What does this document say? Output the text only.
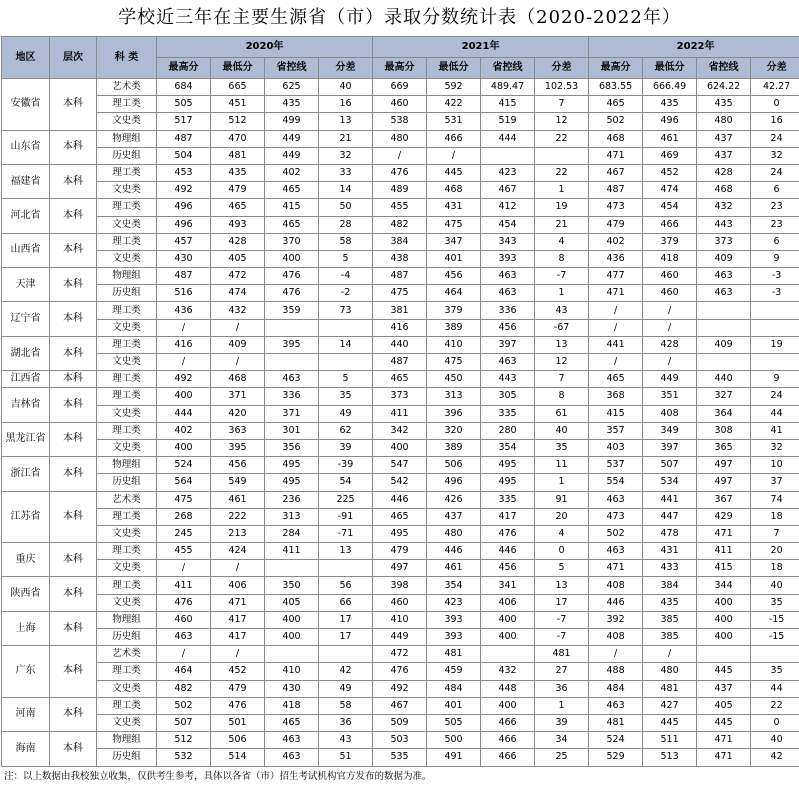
学校近三年在主要生源省（市）录取分数统计表（2020-2022年）
地区	层次	科 类	2020年				2021年				2022年			
			最高分	最低分	省控线	分差	最高分	最低分	省控线	分差	最高分	最低分	省控线	分差
安徽省	本科	艺术类	684	665	625	40	669	592	489.47	102.53	683.55	666.49	624.22	42.27
		理工类	505	451	435	16	460	422	415	7	465	435	435	0
		文史类	517	512	499	13	538	531	519	12	502	496	480	16
山东省	本科	物理组	487	470	449	21	480	466	444	22	468	461	437	24
		历史组	504	481	449	32	/	/			471	469	437	32
福建省	本科	理工类	453	435	402	33	476	445	423	22	467	452	428	24
		文史类	492	479	465	14	489	468	467	1	487	474	468	6
河北省	本科	理工类	496	465	415	50	455	431	412	19	473	454	432	23
		文史类	496	493	465	28	482	475	454	21	479	466	443	23
山西省	本科	理工类	457	428	370	58	384	347	343	4	402	379	373	6
		文史类	430	405	400	5	438	401	393	8	436	418	409	9
天津	本科	物理组	487	472	476	-4	487	456	463	-7	477	460	463	-3
		历史组	516	474	476	-2	475	464	463	1	471	460	463	-3
辽宁省	本科	理工类	436	432	359	73	381	379	336	43	/	/		
		文史类	/	/			416	389	456	-67	/	/		
湖北省	本科	理工类	416	409	395	14	440	410	397	13	441	428	409	19
		文史类	/	/			487	475	463	12	/	/		
江西省	本科	理工类	492	468	463	5	465	450	443	7	465	449	440	9
吉林省	本科	理工类	400	371	336	35	373	313	305	8	368	351	327	24
		文史类	444	420	371	49	411	396	335	61	415	408	364	44
黑龙江省	本科	理工类	402	363	301	62	342	320	280	40	357	349	308	41
		文史类	400	395	356	39	400	389	354	35	403	397	365	32
浙江省	本科	物理组	524	456	495	-39	547	506	495	11	537	507	497	10
		历史组	564	549	495	54	542	496	495	1	554	534	497	37
江苏省	本科	艺术类	475	461	236	225	446	426	335	91	463	441	367	74
		理工类	268	222	313	-91	465	437	417	20	473	447	429	18
		文史类	245	213	284	-71	495	480	476	4	502	478	471	7
重庆	本科	理工类	455	424	411	13	479	446	446	0	463	431	411	20
		文史类	/	/			497	461	456	5	471	433	415	18
陕西省	本科	理工类	411	406	350	56	398	354	341	13	408	384	344	40
		文史类	476	471	405	66	460	423	406	17	446	435	400	35
上海	本科	物理组	460	417	400	17	410	393	400	-7	392	385	400	-15
		历史组	463	417	400	17	449	393	400	-7	408	385	400	-15
广东	本科	艺术类	/	/			472	481		481	/	/		
		理工类	464	452	410	42	476	459	432	27	488	480	445	35
		文史类	482	479	430	49	492	484	448	36	484	481	437	44
河南	本科	理工类	502	476	418	58	467	401	400	1	463	427	405	22
		文史类	507	501	465	36	509	505	466	39	481	445	445	0
海南	本科	物理组	512	506	463	43	503	500	466	34	524	511	471	40
		历史组	532	514	463	51	535	491	466	25	529	513	471	42
注：以上数据由我校独立收集，仅供考生参考，具体以各省（市）招生考试机构官方发布的数据为准。
